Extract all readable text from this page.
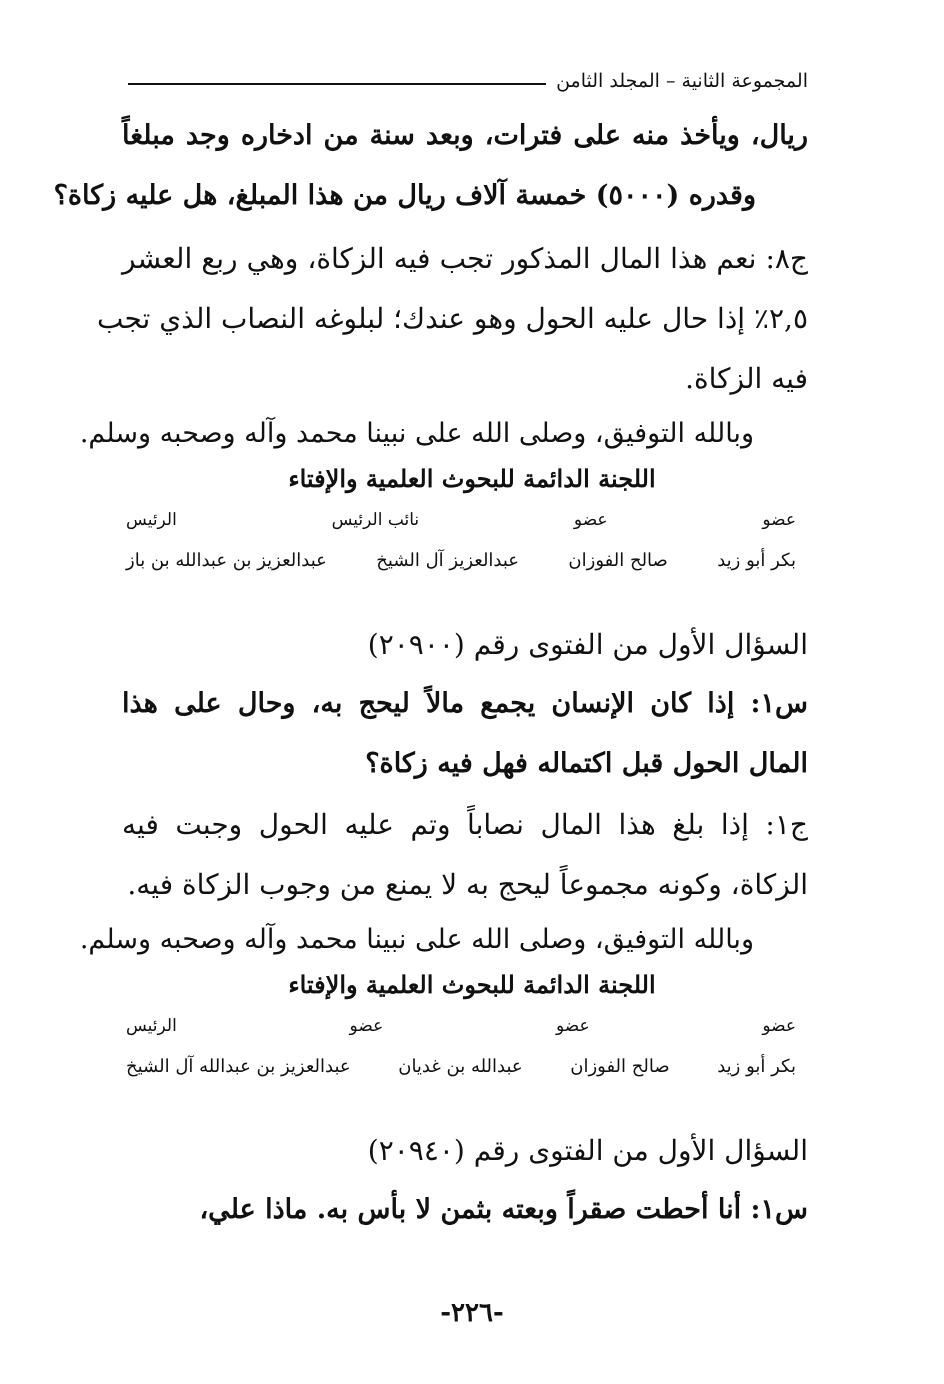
المجموعة الثانية – المجلد الثامن
ريال، ويأخذ منه على فترات، وبعد سنة من ادخاره وجد مبلغاً
وقدره (٥٠٠٠) خمسة آلاف ريال من هذا المبلغ، هل عليه زكاة؟
ج٨: نعم هذا المال المذكور تجب فيه الزكاة، وهي ربع العشر
٢,٥٪ إذا حال عليه الحول وهو عندك؛ لبلوغه النصاب الذي تجب
فيه الزكاة.
وبالله التوفيق، وصلى الله على نبينا محمد وآله وصحبه وسلم.
اللجنة الدائمة للبحوث العلمية والإفتاء
عضو
عضو
نائب الرئيس
الرئيس
بكر أبو زيد
صالح الفوزان
عبدالعزيز آل الشيخ
عبدالعزيز بن عبدالله بن باز
السؤال الأول من الفتوى رقم (٢٠٩٠٠)
س١: إذا كان الإنسان يجمع مالاً ليحج به، وحال على هذا
المال الحول قبل اكتماله فهل فيه زكاة؟
ج١: إذا بلغ هذا المال نصاباً وتم عليه الحول وجبت فيه
الزكاة، وكونه مجموعاً ليحج به لا يمنع من وجوب الزكاة فيه.
وبالله التوفيق، وصلى الله على نبينا محمد وآله وصحبه وسلم.
اللجنة الدائمة للبحوث العلمية والإفتاء
عضو
عضو
عضو
الرئيس
بكر أبو زيد
صالح الفوزان
عبدالله بن غديان
عبدالعزيز بن عبدالله آل الشيخ
السؤال الأول من الفتوى رقم (٢٠٩٤٠)
س١: أنا أحطت صقراً وبعته بثمن لا بأس به. ماذا علي،
-٢٢٦-
